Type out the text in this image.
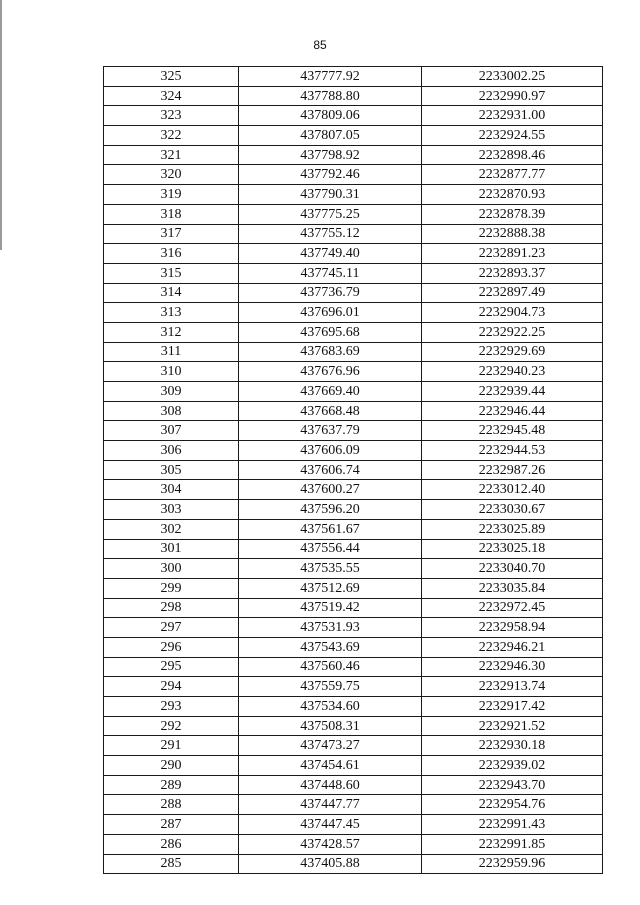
85
325	437777.92	2233002.25
324	437788.80	2232990.97
323	437809.06	2232931.00
322	437807.05	2232924.55
321	437798.92	2232898.46
320	437792.46	2232877.77
319	437790.31	2232870.93
318	437775.25	2232878.39
317	437755.12	2232888.38
316	437749.40	2232891.23
315	437745.11	2232893.37
314	437736.79	2232897.49
313	437696.01	2232904.73
312	437695.68	2232922.25
311	437683.69	2232929.69
310	437676.96	2232940.23
309	437669.40	2232939.44
308	437668.48	2232946.44
307	437637.79	2232945.48
306	437606.09	2232944.53
305	437606.74	2232987.26
304	437600.27	2233012.40
303	437596.20	2233030.67
302	437561.67	2233025.89
301	437556.44	2233025.18
300	437535.55	2233040.70
299	437512.69	2233035.84
298	437519.42	2232972.45
297	437531.93	2232958.94
296	437543.69	2232946.21
295	437560.46	2232946.30
294	437559.75	2232913.74
293	437534.60	2232917.42
292	437508.31	2232921.52
291	437473.27	2232930.18
290	437454.61	2232939.02
289	437448.60	2232943.70
288	437447.77	2232954.76
287	437447.45	2232991.43
286	437428.57	2232991.85
285	437405.88	2232959.96
